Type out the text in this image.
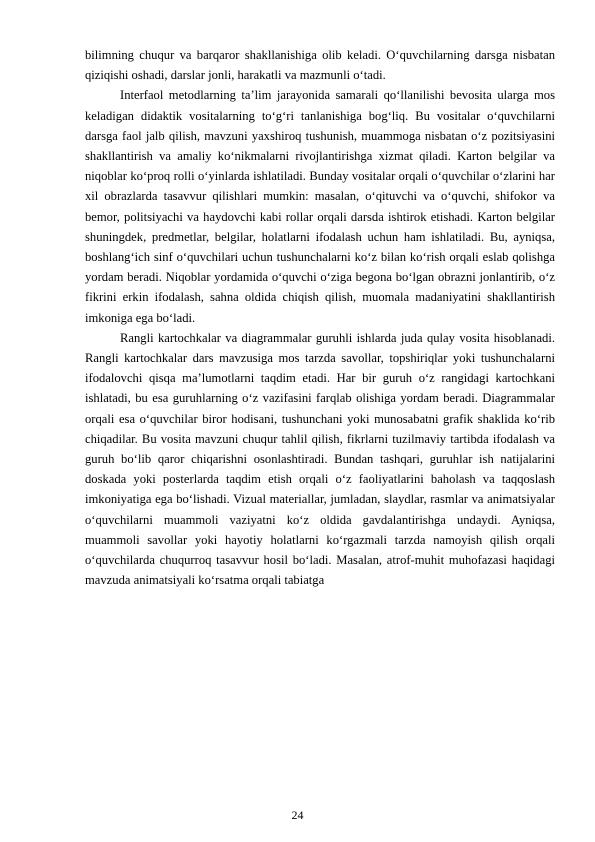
bilimning chuqur va barqaror shakllanishiga olib keladi. O‘quvchilarning darsga nisbatan qiziqishi oshadi, darslar jonli, harakatli va mazmunli o‘tadi.

Interfaol metodlarning ta’lim jarayonida samarali qo‘llanilishi bevosita ularga mos keladigan didaktik vositalarning to‘g‘ri tanlanishiga bog‘liq. Bu vositalar o‘quvchilarni darsga faol jalb qilish, mavzuni yaxshiroq tushunish, muammoga nisbatan o‘z pozitsiyasini shakllantirish va amaliy ko‘nikmalarni rivojlantirishga xizmat qiladi. Karton belgilar va niqoblar ko‘proq rolli o‘yinlarda ishlatiladi. Bunday vositalar orqali o‘quvchilar o‘zlarini har xil obrazlarda tasavvur qilishlari mumkin: masalan, o‘qituvchi va o‘quvchi, shifokor va bemor, politsiyachi va haydovchi kabi rollar orqali darsda ishtirok etishadi. Karton belgilar shuningdek, predmetlar, belgilar, holatlarni ifodalash uchun ham ishlatiladi. Bu, ayniqsa, boshlang‘ich sinf o‘quvchilari uchun tushunchalarni ko‘z bilan ko‘rish orqali eslab qolishga yordam beradi. Niqoblar yordamida o‘quvchi o‘ziga begona bo‘lgan obrazni jonlantirib, o‘z fikrini erkin ifodalash, sahna oldida chiqish qilish, muomala madaniyatini shakllantirish imkoniga ega bo‘ladi.

Rangli kartochkalar va diagrammalar guruhli ishlarda juda qulay vosita hisoblanadi. Rangli kartochkalar dars mavzusiga mos tarzda savollar, topshiriqlar yoki tushunchalarni ifodalovchi qisqa ma’lumotlarni taqdim etadi. Har bir guruh o‘z rangidagi kartochkani ishlatadi, bu esa guruhlarning o‘z vazifasini farqlab olishiga yordam beradi. Diagrammalar orqali esa o‘quvchilar biror hodisani, tushunchani yoki munosabatni grafik shaklida ko‘rib chiqadilar. Bu vosita mavzuni chuqur tahlil qilish, fikrlarni tuzilmaviy tartibda ifodalash va guruh bo‘lib qaror chiqarishni osonlashtiradi. Bundan tashqari, guruhlar ish natijalarini doskada yoki posterlarda taqdim etish orqali o‘z faoliyatlarini baholash va taqqoslash imkoniyatiga ega bo‘lishadi. Vizual materiallar, jumladan, slaydlar, rasmlar va animatsiyalar o‘quvchilarni muammoli vaziyatni ko‘z oldida gavdalantirishga undaydi. Ayniqsa, muammoli savollar yoki hayotiy holatlarni ko‘rgazmali tarzda namoyish qilish orqali o‘quvchilarda chuqurroq tasavvur hosil bo‘ladi. Masalan, atrof-muhit muhofazasi haqidagi mavzuda animatsiyali ko‘rsatma orqali tabiatga

24
